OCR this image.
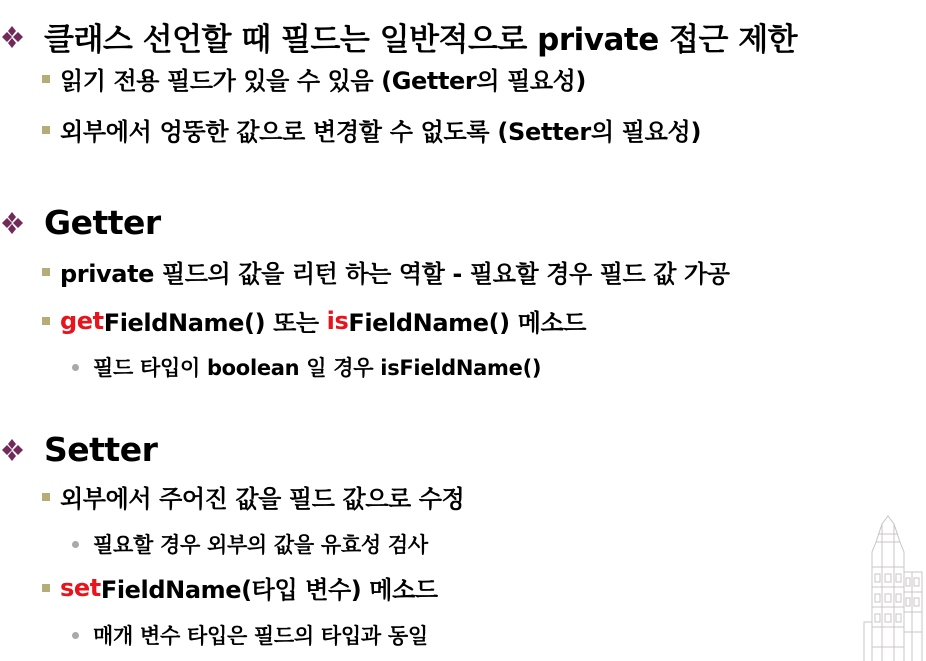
클래스 선언할 때 필드는 일반적으로 private 접근 제한
읽기 전용 필드가 있을 수 있음 (Getter의 필요성)
외부에서 엉뚱한 값으로 변경할 수 없도록 (Setter의 필요성)
Getter
private 필드의 값을 리턴 하는 역할 - 필요할 경우 필드 값 가공
get FieldName() 또는 is FieldName() 메소드
필드 타입이 boolean 일 경우 isFieldName()
Setter
외부에서 주어진 값을 필드 값으로 수정
필요할 경우 외부의 값을 유효성 검사
set FieldName(타입 변수) 메소드
매개 변수 타입은 필드의 타입과 동일
